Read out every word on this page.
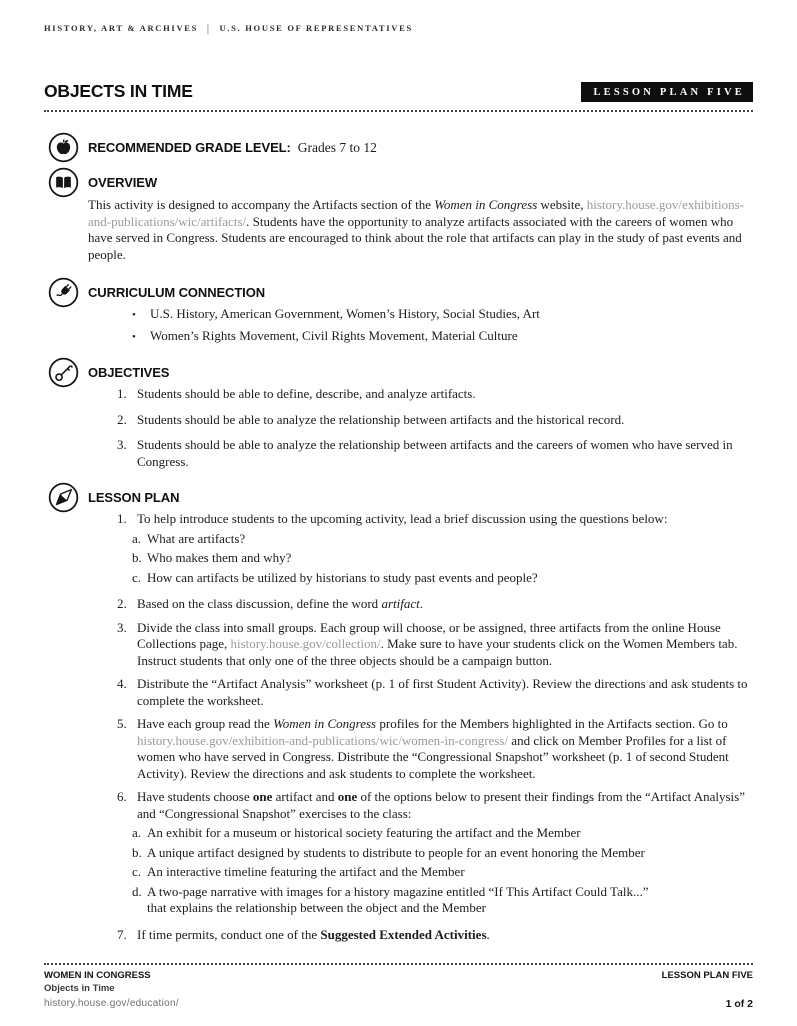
HISTORY, ART & ARCHIVES | U.S. HOUSE OF REPRESENTATIVES
OBJECTS IN TIME	LESSON PLAN FIVE
RECOMMENDED GRADE LEVEL: Grades 7 to 12
OVERVIEW
This activity is designed to accompany the Artifacts section of the Women in Congress website, history.house.gov/exhibitions-and-publications/wic/artifacts/. Students have the opportunity to analyze artifacts associated with the careers of women who have served in Congress. Students are encouraged to think about the role that artifacts can play in the study of past events and people.
CURRICULUM CONNECTION
•	U.S. History, American Government, Women’s History, Social Studies, Art
•	Women’s Rights Movement, Civil Rights Movement, Material Culture
OBJECTIVES
1. Students should be able to define, describe, and analyze artifacts.
2. Students should be able to analyze the relationship between artifacts and the historical record.
3. Students should be able to analyze the relationship between artifacts and the careers of women who have served in Congress.
LESSON PLAN
1. To help introduce students to the upcoming activity, lead a brief discussion using the questions below:
a. What are artifacts?
b. Who makes them and why?
c. How can artifacts be utilized by historians to study past events and people?
2. Based on the class discussion, define the word artifact.
3. Divide the class into small groups. Each group will choose, or be assigned, three artifacts from the online House Collections page, history.house.gov/collection/. Make sure to have your students click on the Women Members tab. Instruct students that only one of the three objects should be a campaign button.
4. Distribute the “Artifact Analysis” worksheet (p. 1 of first Student Activity). Review the directions and ask students to complete the worksheet.
5. Have each group read the Women in Congress profiles for the Members highlighted in the Artifacts section. Go to history.house.gov/exhibition-and-publications/wic/women-in-congress/ and click on Member Profiles for a list of women who have served in Congress. Distribute the “Congressional Snapshot” worksheet (p. 1 of second Student Activity). Review the directions and ask students to complete the worksheet.
6. Have students choose one artifact and one of the options below to present their findings from the “Artifact Analysis” and “Congressional Snapshot” exercises to the class:
a. An exhibit for a museum or historical society featuring the artifact and the Member
b. A unique artifact designed by students to distribute to people for an event honoring the Member
c. An interactive timeline featuring the artifact and the Member
d. A two-page narrative with images for a history magazine entitled “If This Artifact Could Talk...”
that explains the relationship between the object and the Member
7. If time permits, conduct one of the Suggested Extended Activities.
WOMEN IN CONGRESS
Objects in Time
history.house.gov/education/
LESSON PLAN FIVE
1 of 2
